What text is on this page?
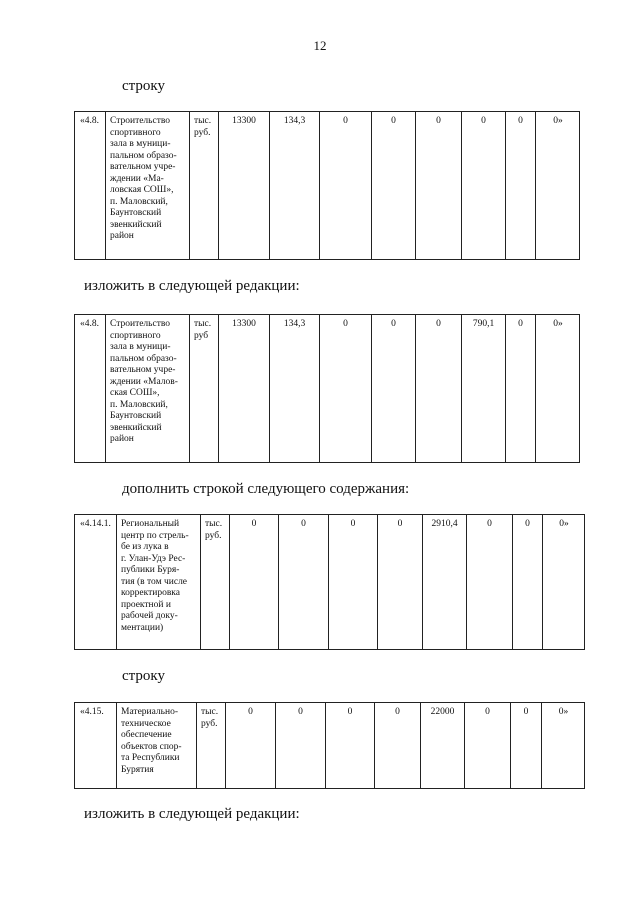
12
строку
«4.8.	Строительство
спортивного
зала в муници-
пальном образо-
вательном учре-
ждении «Ма-
ловская СОШ»,
п. Маловский,
Баунтовский
эвенкийский
район	тыс.
руб.	13300	134,3	0	0	0	0	0	0»
изложить в следующей редакции:
«4.8.	Строительство
спортивного
зала в муници-
пальном образо-
вательном учре-
ждении «Малов-
ская СОШ»,
п. Маловский,
Баунтовский
эвенкийский
район	тыс.
руб	13300	134,3	0	0	0	790,1	0	0»
дополнить строкой следующего содержания:
«4.14.1.	Региональный
центр по стрель-
бе из лука в
г. Улан-Удэ Рес-
публики Буря-
тия (в том числе
корректировка
проектной и
рабочей доку-
ментации)	тыс.
руб.	0	0	0	0	2910,4	0	0	0»
строку
«4.15.	Материально-
техническое
обеспечение
объектов спор-
та Республики
Бурятия	тыс.
руб.	0	0	0	0	22000	0	0	0»
изложить в следующей редакции:
